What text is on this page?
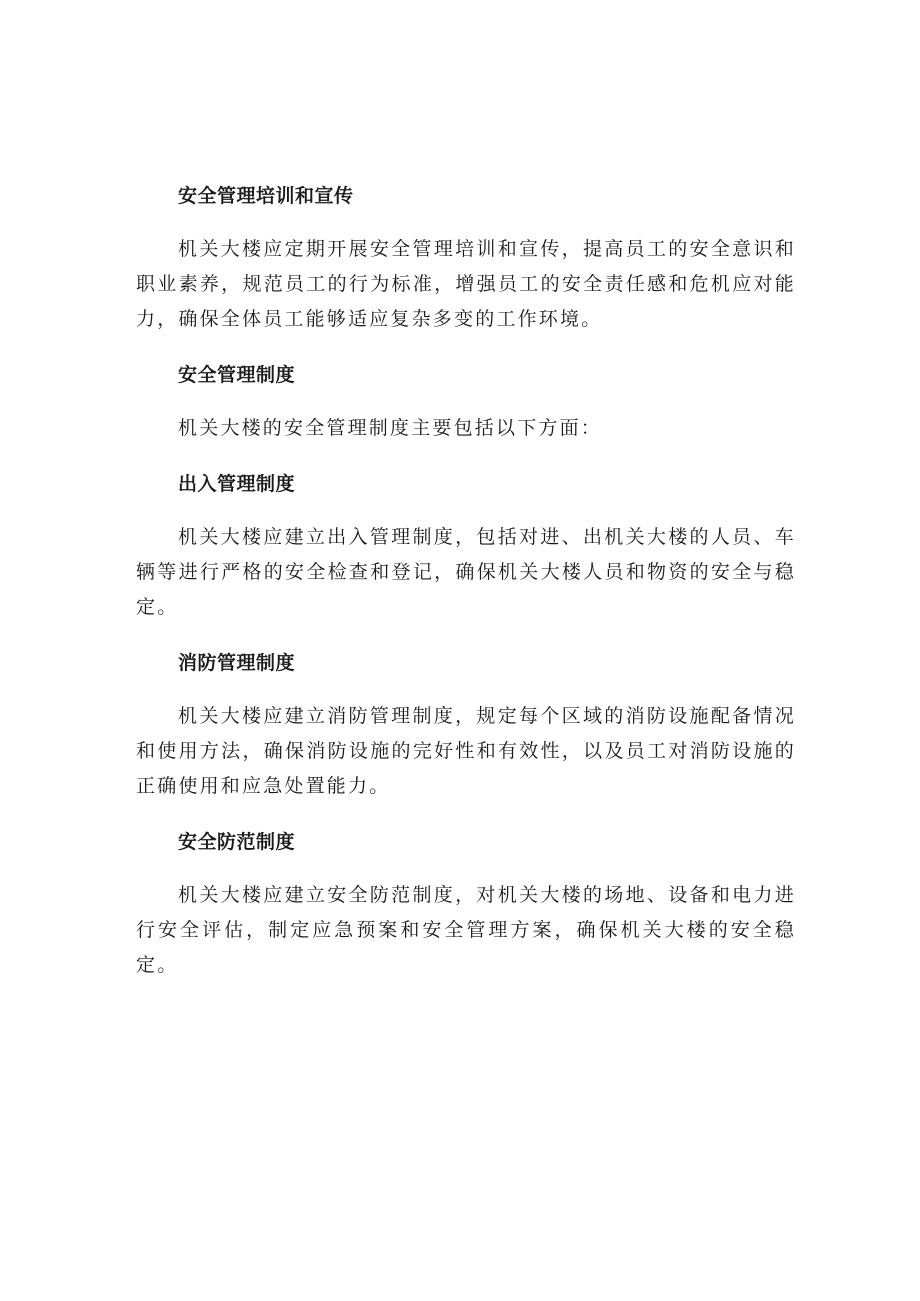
安全管理培训和宣传

机关大楼应定期开展安全管理培训和宣传，提高员工的安全意识和职业素养，规范员工的行为标准，增强员工的安全责任感和危机应对能力，确保全体员工能够适应复杂多变的工作环境。

安全管理制度

机关大楼的安全管理制度主要包括以下方面：

出入管理制度

机关大楼应建立出入管理制度，包括对进、出机关大楼的人员、车辆等进行严格的安全检查和登记，确保机关大楼人员和物资的安全与稳定。

消防管理制度

机关大楼应建立消防管理制度，规定每个区域的消防设施配备情况和使用方法，确保消防设施的完好性和有效性，以及员工对消防设施的正确使用和应急处置能力。

安全防范制度

机关大楼应建立安全防范制度，对机关大楼的场地、设备和电力进行安全评估，制定应急预案和安全管理方案，确保机关大楼的安全稳定。
